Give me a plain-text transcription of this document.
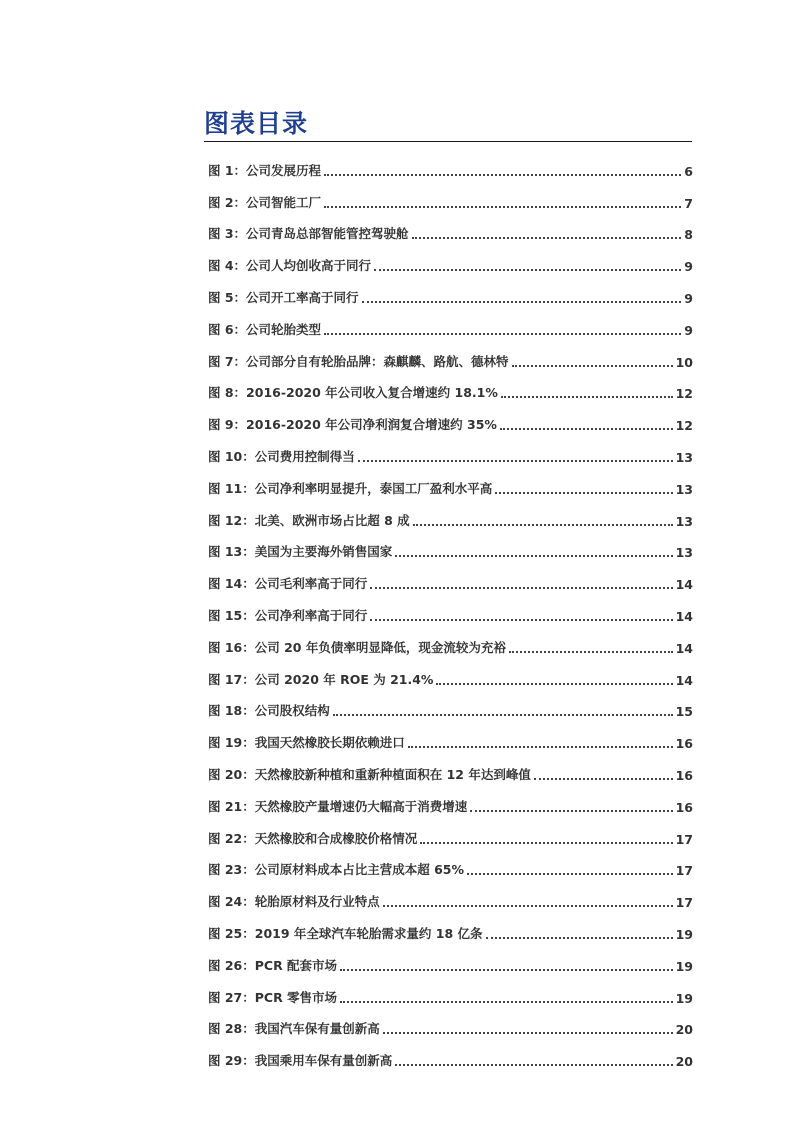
图表目录
图 1：公司发展历程	6
图 2：公司智能工厂	7
图 3：公司青岛总部智能管控驾驶舱	8
图 4：公司人均创收高于同行	9
图 5：公司开工率高于同行	9
图 6：公司轮胎类型	9
图 7：公司部分自有轮胎品牌：森麒麟、路航、德林特	10
图 8：2016-2020 年公司收入复合增速约 18.1%	12
图 9：2016-2020 年公司净利润复合增速约 35%	12
图 10：公司费用控制得当	13
图 11：公司净利率明显提升，泰国工厂盈利水平高	13
图 12：北美、欧洲市场占比超 8 成	13
图 13：美国为主要海外销售国家	13
图 14：公司毛利率高于同行	14
图 15：公司净利率高于同行	14
图 16：公司 20 年负债率明显降低，现金流较为充裕	14
图 17：公司 2020 年 ROE 为 21.4%	14
图 18：公司股权结构	15
图 19：我国天然橡胶长期依赖进口	16
图 20：天然橡胶新种植和重新种植面积在 12 年达到峰值	16
图 21：天然橡胶产量增速仍大幅高于消费增速	16
图 22：天然橡胶和合成橡胶价格情况	17
图 23：公司原材料成本占比主营成本超 65%	17
图 24：轮胎原材料及行业特点	17
图 25：2019 年全球汽车轮胎需求量约 18 亿条	19
图 26：PCR 配套市场	19
图 27：PCR 零售市场	19
图 28：我国汽车保有量创新高	20
图 29：我国乘用车保有量创新高	20
